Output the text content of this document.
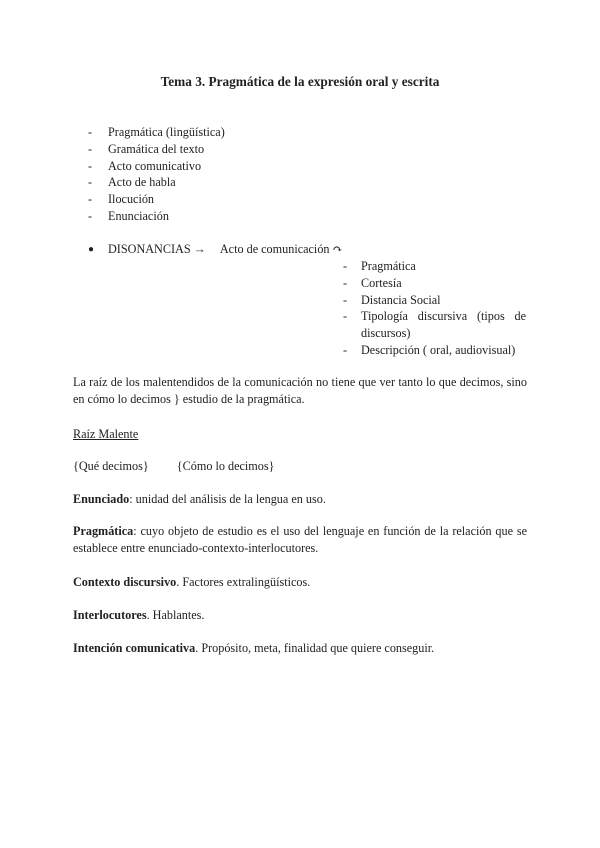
Tema 3. Pragmática de la expresión oral y escrita
-	Pragmática (lingüística)
-	Gramática del texto
-	Acto comunicativo
-	Acto de habla
-	Ilocución
-	Enunciación
●	DISONANCIAS → Acto de comunicación ↷
-	Pragmática
-	Cortesía
-	Distancia Social
-	Tipología discursiva (tipos de discursos)
-	Descripción ( oral, audiovisual)
La raíz de los malentendidos de la comunicación no tiene que ver tanto lo que decimos, sino en cómo lo decimos } estudio de la pragmática.
Raíz Malente
{Qué decimos} {Cómo lo decimos}
Enunciado: unidad del análisis de la lengua en uso.
Pragmática: cuyo objeto de estudio es el uso del lenguaje en función de la relación que se establece entre enunciado-contexto-interlocutores.
Contexto discursivo. Factores extralingüísticos.
Interlocutores. Hablantes.
Intención comunicativa. Propósito, meta, finalidad que quiere conseguir.
